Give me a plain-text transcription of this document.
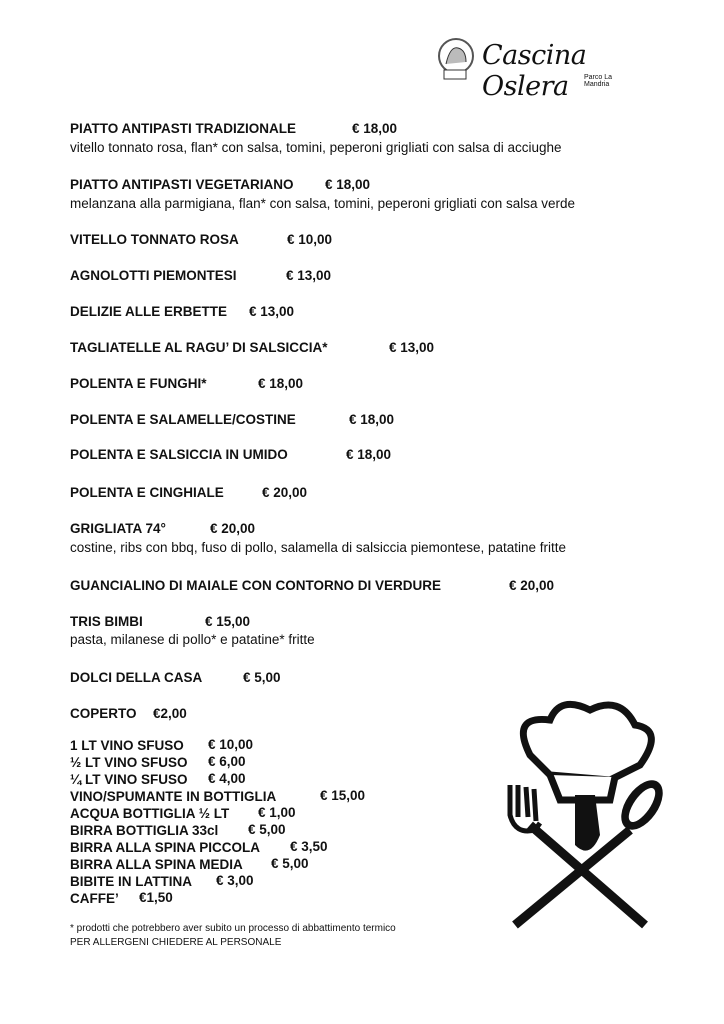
Cascina Oslera	Parco La Mandria
PIATTO ANTIPASTI TRADIZIONALE	€ 18,00
vitello tonnato rosa, flan* con salsa, tomini, peperoni grigliati con salsa di acciughe
PIATTO ANTIPASTI VEGETARIANO € 18,00
melanzana alla parmigiana, flan* con salsa, tomini, peperoni grigliati con salsa verde
VITELLO TONNATO ROSA	€ 10,00
AGNOLOTTI PIEMONTESI	€ 13,00
DELIZIE ALLE ERBETTE € 13,00
TAGLIATELLE AL RAGU’ DI SALSICCIA*	€ 13,00
POLENTA E FUNGHI*	€ 18,00
POLENTA E SALAMELLE/COSTINE	€ 18,00
POLENTA E SALSICCIA IN UMIDO	€ 18,00
POLENTA E CINGHIALE	€ 20,00
GRIGLIATA 74°	€ 20,00
costine, ribs con bbq, fuso di pollo, salamella di salsiccia piemontese, patatine fritte
GUANCIALINO DI MAIALE CON CONTORNO DI VERDURE	€ 20,00
TRIS BIMBI	€ 15,00
pasta, milanese di pollo* e patatine* fritte
DOLCI DELLA CASA	€ 5,00
COPERTO €2,00
1 LT VINO SFUSO € 10,00
½ LT VINO SFUSO € 6,00
¼ LT VINO SFUSO € 4,00
VINO/SPUMANTE IN BOTTIGLIA	€ 15,00
ACQUA BOTTIGLIA ½ LT € 1,00
BIRRA BOTTIGLIA 33cl € 5,00
BIRRA ALLA SPINA PICCOLA € 3,50
BIRRA ALLA SPINA MEDIA € 5,00
BIBITE IN LATTINA € 3,00
CAFFE’ €1,50
* prodotti che potrebbero aver subito un processo di abbattimento termico
PER ALLERGENI CHIEDERE AL PERSONALE
